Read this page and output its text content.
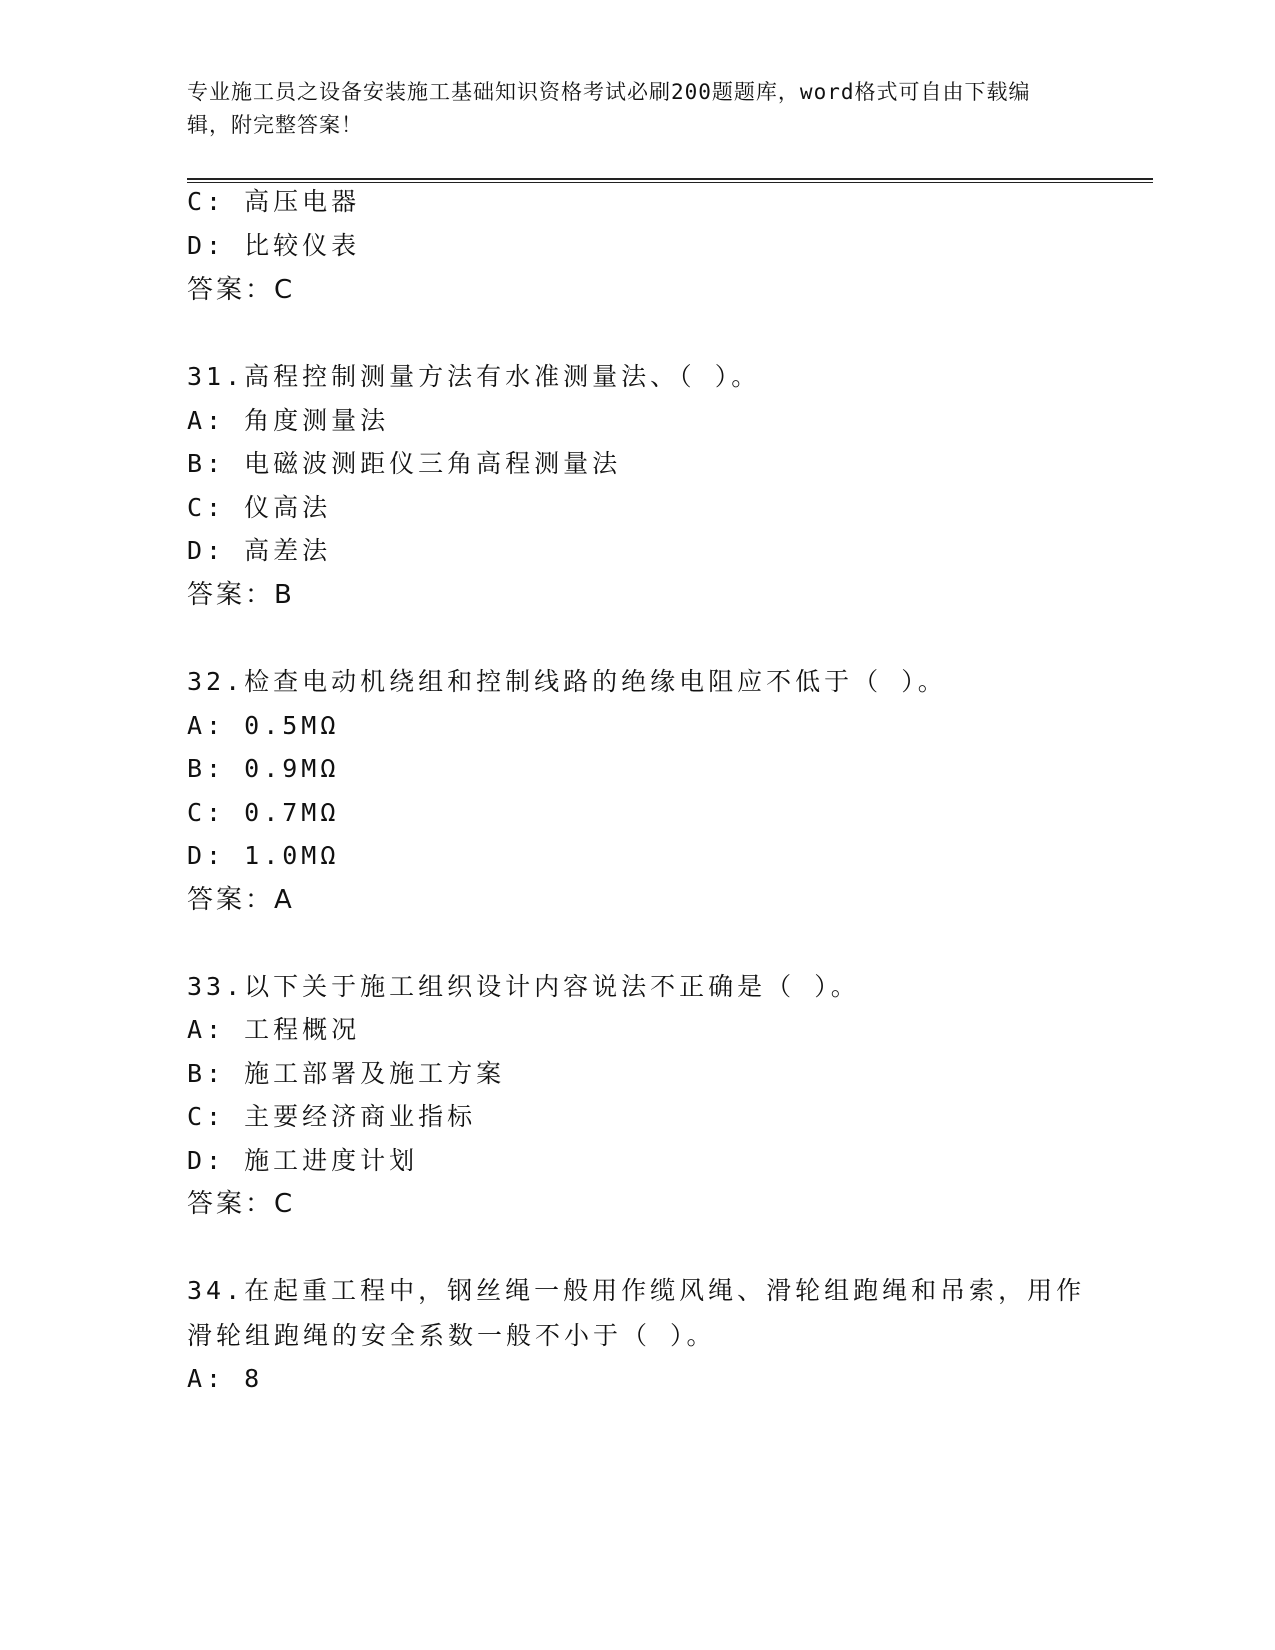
专业施工员之设备安装施工基础知识资格考试必刷200题题库，word格式可自由下载编辑，附完整答案！
C: 高压电器
D: 比较仪表
答案：C
31.高程控制测量方法有水准测量法、（ ）。
A: 角度测量法
B: 电磁波测距仪三角高程测量法
C: 仪高法
D: 高差法
答案：B
32.检查电动机绕组和控制线路的绝缘电阻应不低于（ ）。
A: 0.5MΩ
B: 0.9MΩ
C: 0.7MΩ
D: 1.0MΩ
答案：A
33.以下关于施工组织设计内容说法不正确是（ ）。
A: 工程概况
B: 施工部署及施工方案
C: 主要经济商业指标
D: 施工进度计划
答案：C
34.在起重工程中，钢丝绳一般用作缆风绳、滑轮组跑绳和吊索，用作滑轮组跑绳的安全系数一般不小于（ ）。
A: 8
